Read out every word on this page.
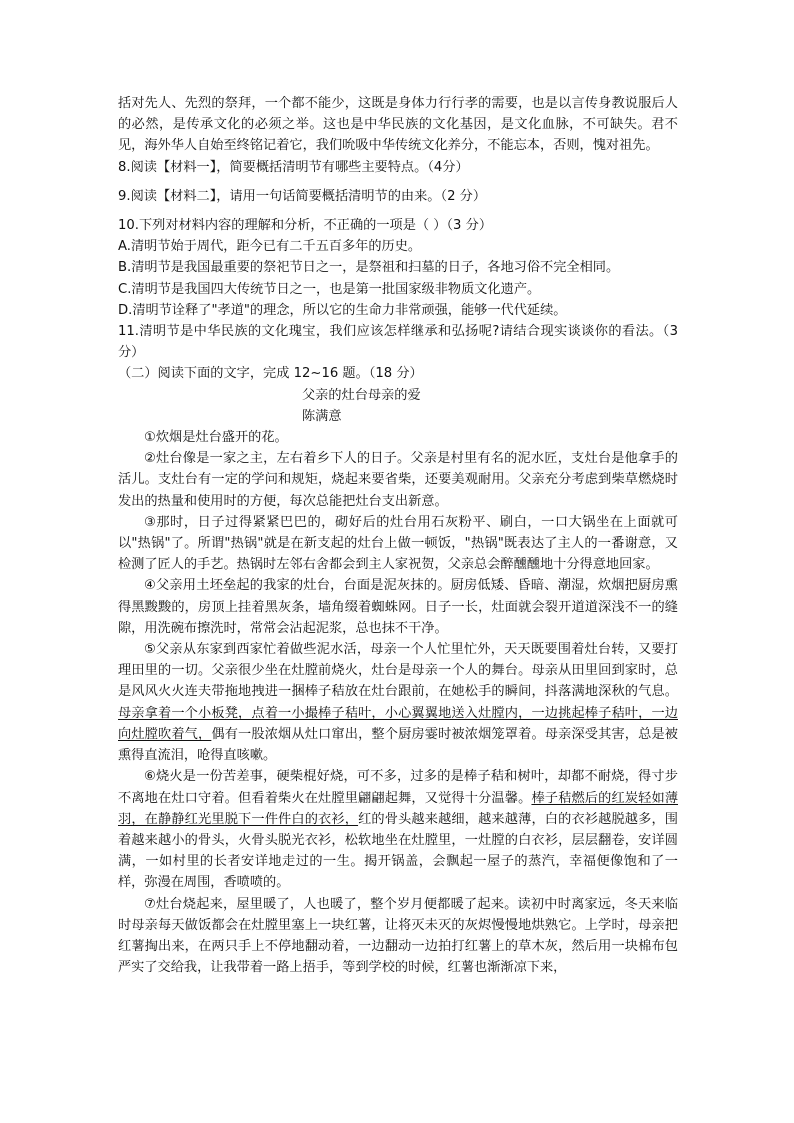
括对先人、先烈的祭拜，一个都不能少，这既是身体力行行孝的需要，也是以言传身教说服后人的必然，是传承文化的必须之举。这也是中华民族的文化基因，是文化血脉，不可缺失。君不见，海外华人自始至终铭记着它，我们吮吸中华传统文化养分，不能忘本，否则，愧对祖先。

8.阅读【材料一】，简要概括清明节有哪些主要特点。（4分）

9.阅读【材料二】，请用一句话简要概括清明节的由来。（2 分）

10.下列对材料内容的理解和分析，不正确的一项是（ ）（3 分）

A.清明节始于周代，距今已有二千五百多年的历史。

B.清明节是我国最重要的祭祀节日之一，是祭祖和扫墓的日子，各地习俗不完全相同。

C.清明节是我国四大传统节日之一，也是第一批国家级非物质文化遗产。

D.清明节诠释了"孝道"的理念，所以它的生命力非常顽强，能够一代代延续。

11.清明节是中华民族的文化瑰宝，我们应该怎样继承和弘扬呢?请结合现实谈谈你的看法。（3 分）

（二）阅读下面的文字，完成 12~16 题。（18 分）

父亲的灶台母亲的爱

陈满意

①炊烟是灶台盛开的花。

②灶台像是一家之主，左右着乡下人的日子。父亲是村里有名的泥水匠，支灶台是他拿手的活儿。支灶台有一定的学问和规矩，烧起来要省柴，还要美观耐用。父亲充分考虑到柴草燃烧时发出的热量和使用时的方便，每次总能把灶台支出新意。

③那时，日子过得紧紧巴巴的，砌好后的灶台用石灰粉平、刷白，一口大锅坐在上面就可以"热锅"了。所谓"热锅"就是在新支起的灶台上做一顿饭，"热锅"既表达了主人的一番谢意，又检测了匠人的手艺。热锅时左邻右舍都会到主人家祝贺，父亲总会醉醺醺地十分得意地回家。

④父亲用土坯垒起的我家的灶台，台面是泥灰抹的。厨房低矮、昏暗、潮湿，炊烟把厨房熏得黑黢黢的，房顶上挂着黑灰条，墙角缀着蜘蛛网。日子一长，灶面就会裂开道道深浅不一的缝隙，用洗碗布擦洗时，常常会沾起泥浆，总也抹不干净。

⑤父亲从东家到西家忙着做些泥水活，母亲一个人忙里忙外，天天既要围着灶台转，又要打理田里的一切。父亲很少坐在灶膛前烧火，灶台是母亲一个人的舞台。母亲从田里回到家时，总是风风火火连夫带拖地拽进一捆棒子秸放在灶台跟前，在她松手的瞬间，抖落满地深秋的气息。母亲拿着一个小板凳，点着一小撮棒子秸叶，小心翼翼地送入灶膛内，一边挑起棒子秸叶，一边向灶膛吹着气，偶有一股浓烟从灶口窜出，整个厨房霎时被浓烟笼罩着。母亲深受其害，总是被熏得直流泪，呛得直咳嗽。

⑥烧火是一份苦差事，硬柴棍好烧，可不多，过多的是棒子秸和树叶，却都不耐烧，得寸步不离地在灶口守着。但看着柴火在灶膛里翩翩起舞，又觉得十分温馨。棒子秸燃后的红炭轻如薄羽，在静静红光里脱下一件件白的衣衫，红的骨头越来越细，越来越薄，白的衣衫越脱越多，围着越来越小的骨头，火骨头脱光衣衫，松软地坐在灶膛里，一灶膛的白衣衫，层层翻卷，安详圆满，一如村里的长者安详地走过的一生。揭开锅盖，会飘起一屋子的蒸汽，幸福便像饱和了一样，弥漫在周围，香喷喷的。

⑦灶台烧起来，屋里暖了，人也暖了，整个岁月便都暖了起来。读初中时离家远，冬天来临时母亲每天做饭都会在灶膛里塞上一块红薯，让将灭未灭的灰烬慢慢地烘熟它。上学时，母亲把红薯掏出来，在两只手上不停地翻动着，一边翻动一边拍打红薯上的草木灰，然后用一块棉布包严实了交给我，让我带着一路上捂手，等到学校的时候，红薯也渐渐凉下来，
